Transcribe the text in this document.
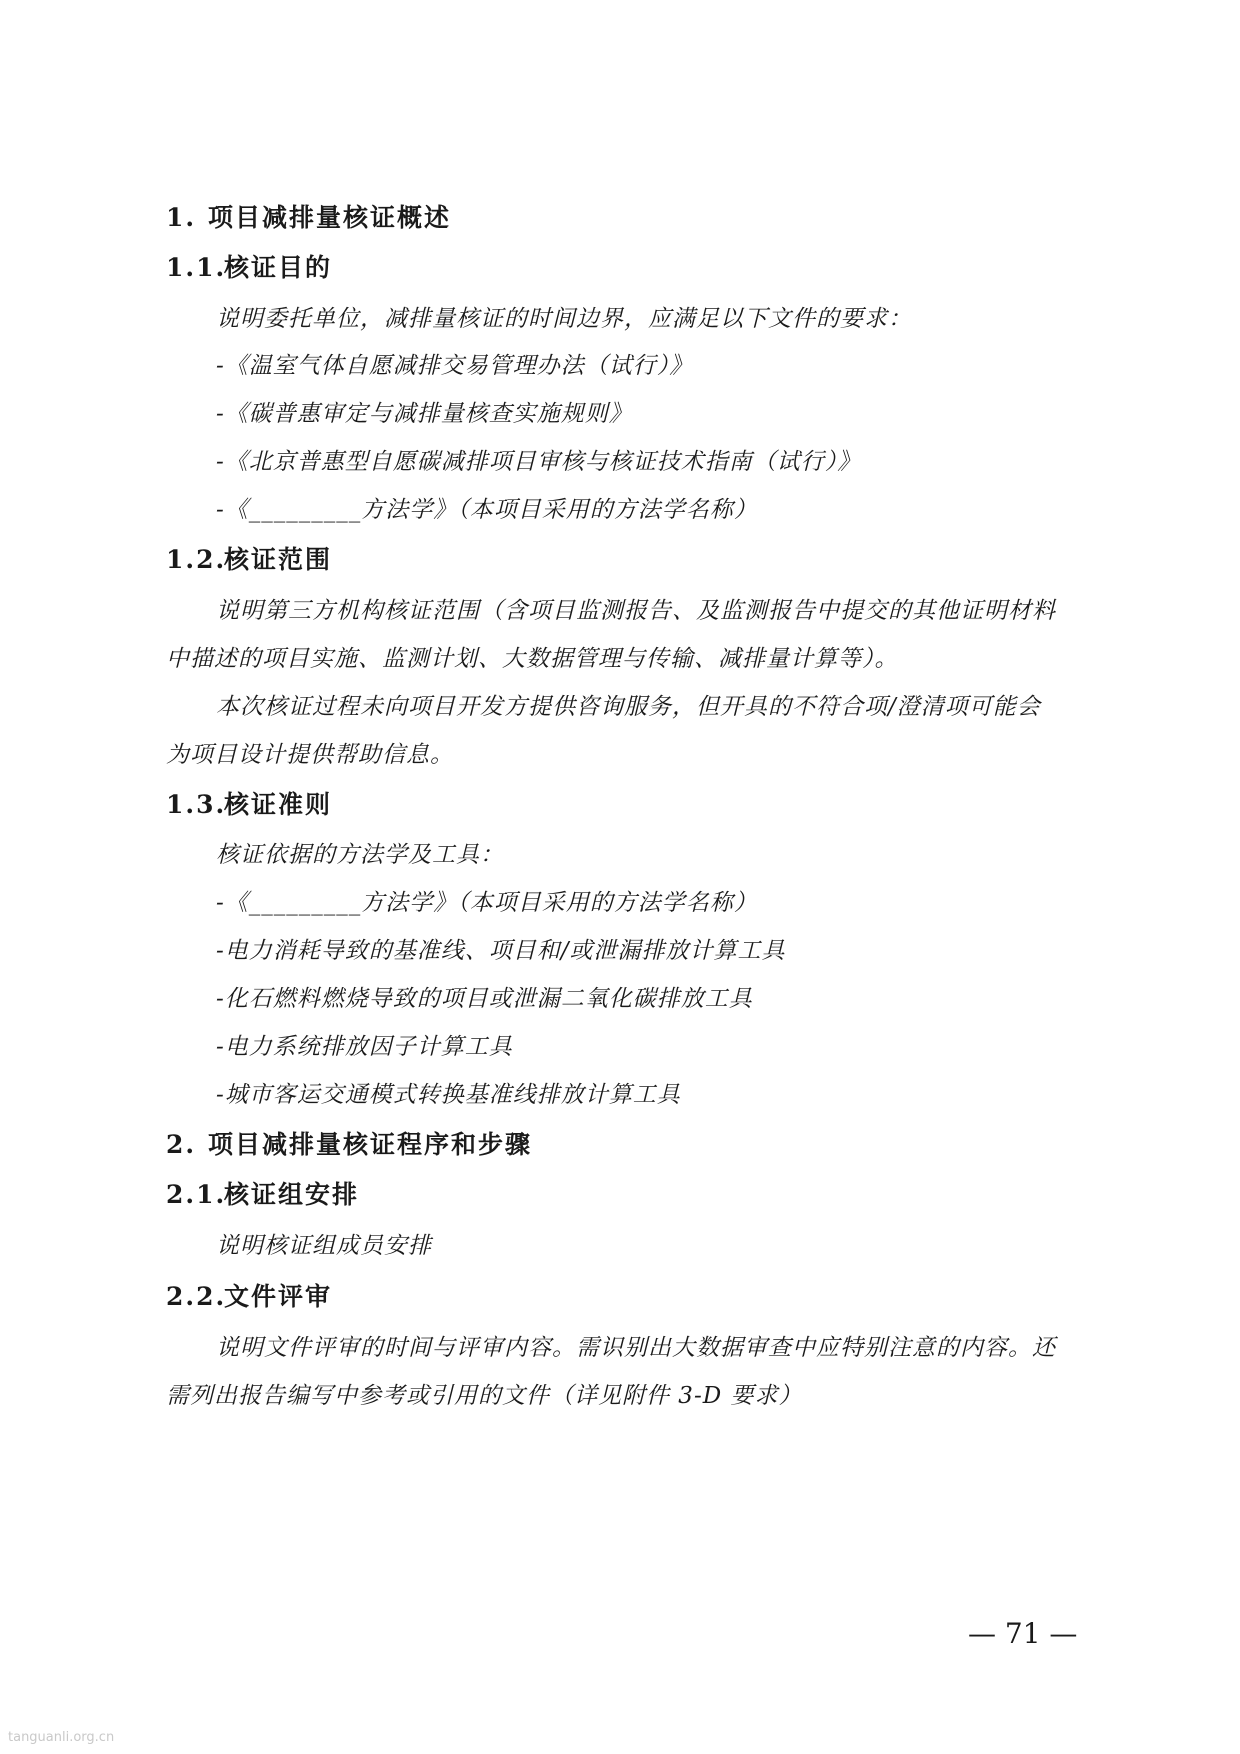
1. 项目减排量核证概述
1.1.核证目的
说明委托单位，减排量核证的时间边界，应满足以下文件的要求：
-《温室气体自愿减排交易管理办法（试行）》
-《碳普惠审定与减排量核查实施规则》
-《北京普惠型自愿碳减排项目审核与核证技术指南（试行）》
-《_________方法学》（本项目采用的方法学名称）
1.2.核证范围
说明第三方机构核证范围（含项目监测报告、及监测报告中提交的其他证明材料
中描述的项目实施、监测计划、大数据管理与传输、减排量计算等）。
本次核证过程未向项目开发方提供咨询服务，但开具的不符合项/澄清项可能会
为项目设计提供帮助信息。
1.3.核证准则
核证依据的方法学及工具：
-《_________方法学》（本项目采用的方法学名称）
-电力消耗导致的基准线、项目和/或泄漏排放计算工具
-化石燃料燃烧导致的项目或泄漏二氧化碳排放工具
-电力系统排放因子计算工具
-城市客运交通模式转换基准线排放计算工具
2. 项目减排量核证程序和步骤
2.1.核证组安排
说明核证组成员安排
2.2.文件评审
说明文件评审的时间与评审内容。需识别出大数据审查中应特别注意的内容。还
需列出报告编写中参考或引用的文件（详见附件 3-D 要求）
— 71 —
tanguanli.org.cn
